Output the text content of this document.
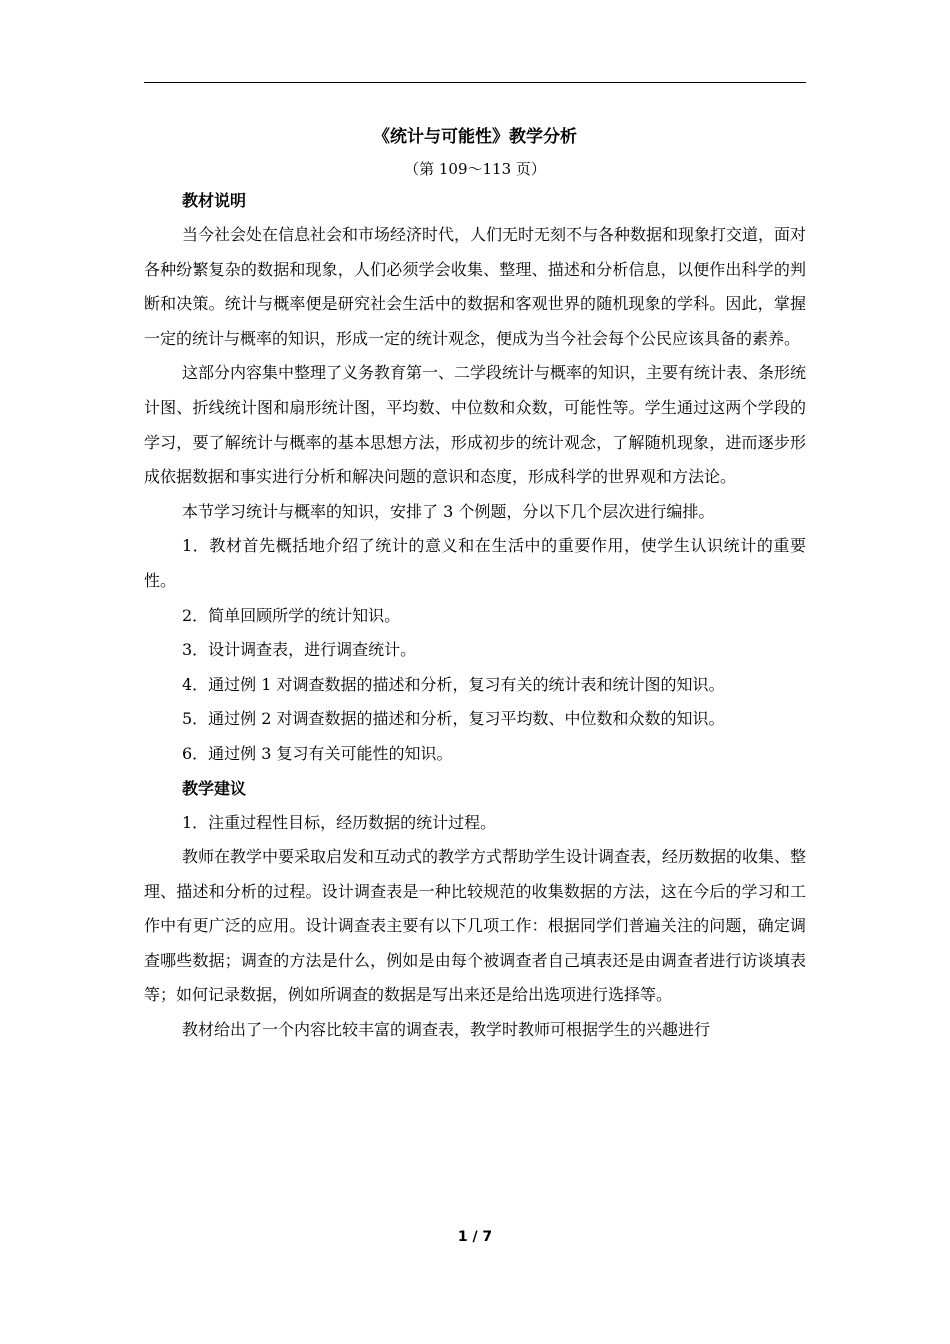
《统计与可能性》教学分析

（第 109～113 页）

教材说明

当今社会处在信息社会和市场经济时代，人们无时无刻不与各种数据和现象打交道，面对各种纷繁复杂的数据和现象，人们必须学会收集、整理、描述和分析信息，以便作出科学的判断和决策。统计与概率便是研究社会生活中的数据和客观世界的随机现象的学科。因此，掌握一定的统计与概率的知识，形成一定的统计观念，便成为当今社会每个公民应该具备的素养。

这部分内容集中整理了义务教育第一、二学段统计与概率的知识，主要有统计表、条形统计图、折线统计图和扇形统计图，平均数、中位数和众数，可能性等。学生通过这两个学段的学习，要了解统计与概率的基本思想方法，形成初步的统计观念，了解随机现象，进而逐步形成依据数据和事实进行分析和解决问题的意识和态度，形成科学的世界观和方法论。

本节学习统计与概率的知识，安排了 3 个例题，分以下几个层次进行编排。

1．教材首先概括地介绍了统计的意义和在生活中的重要作用，使学生认识统计的重要性。

2．简单回顾所学的统计知识。

3．设计调查表，进行调查统计。

4．通过例 1 对调查数据的描述和分析，复习有关的统计表和统计图的知识。

5．通过例 2 对调查数据的描述和分析，复习平均数、中位数和众数的知识。

6．通过例 3 复习有关可能性的知识。

教学建议

1．注重过程性目标，经历数据的统计过程。

教师在教学中要采取启发和互动式的教学方式帮助学生设计调查表，经历数据的收集、整理、描述和分析的过程。设计调查表是一种比较规范的收集数据的方法，这在今后的学习和工作中有更广泛的应用。设计调查表主要有以下几项工作：根据同学们普遍关注的问题，确定调查哪些数据；调查的方法是什么，例如是由每个被调查者自己填表还是由调查者进行访谈填表等；如何记录数据，例如所调查的数据是写出来还是给出选项进行选择等。

教材给出了一个内容比较丰富的调查表，教学时教师可根据学生的兴趣进行

1 / 7
